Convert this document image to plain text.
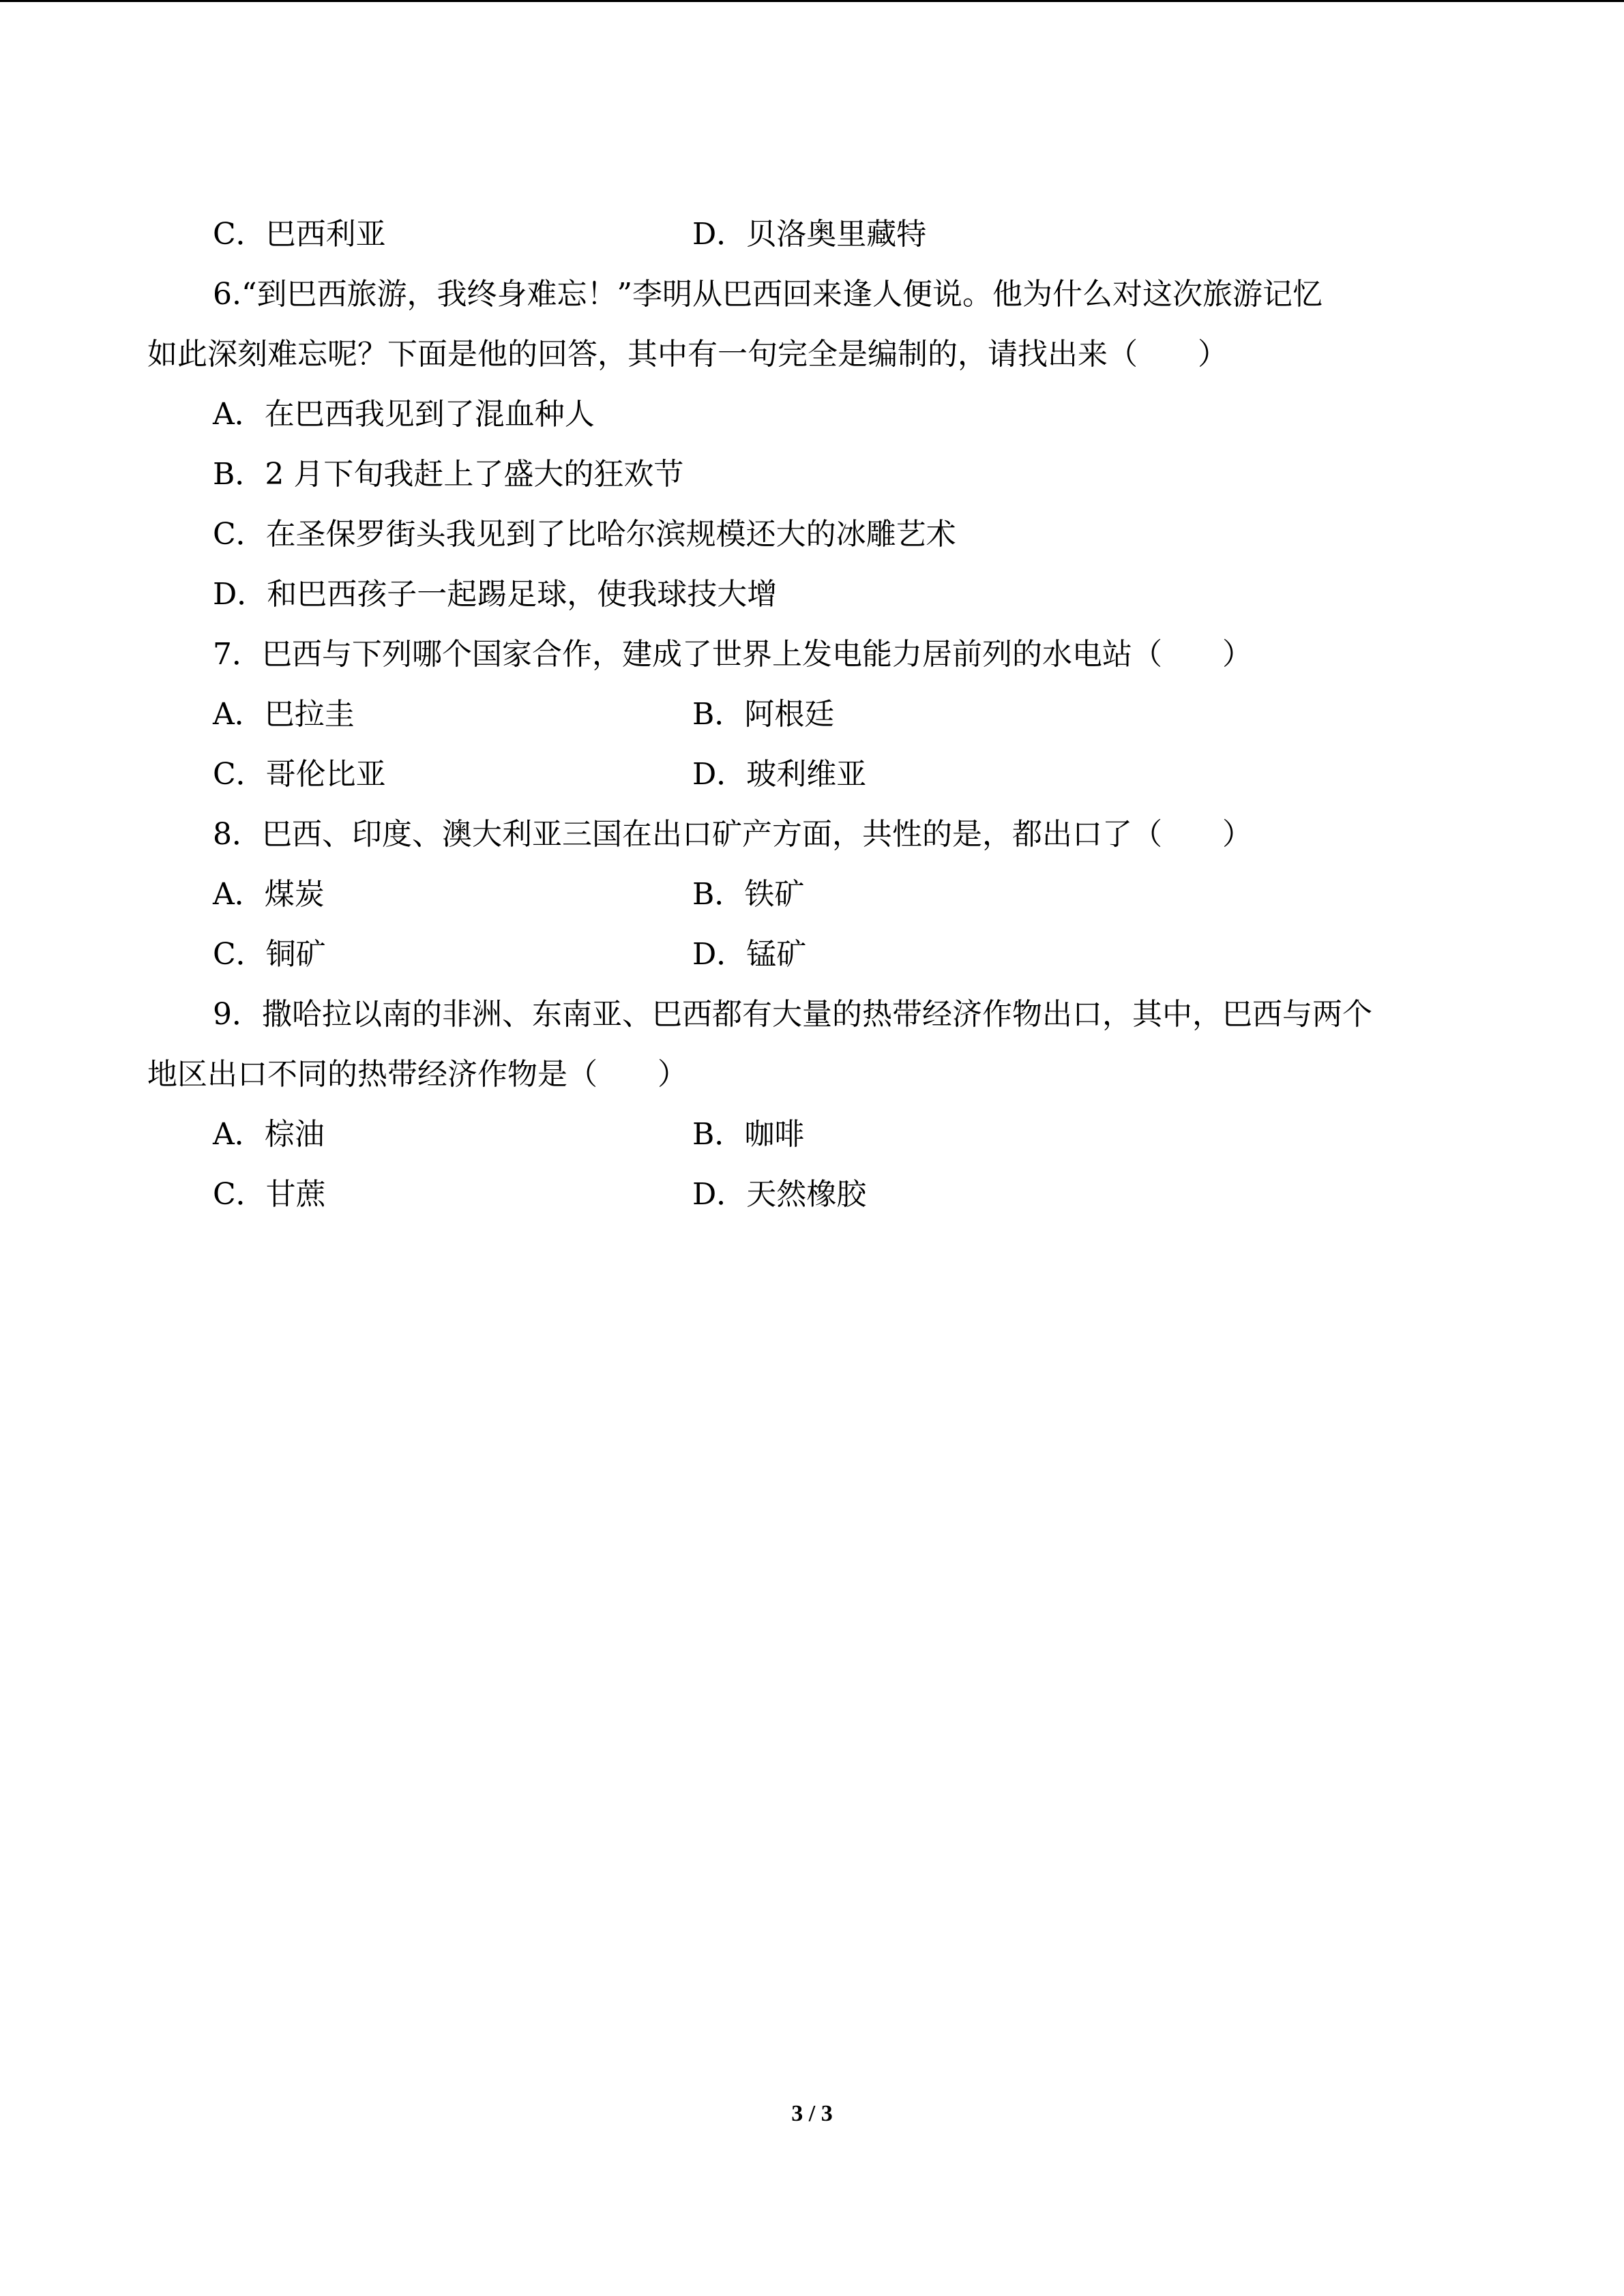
C．巴西利亚	D．贝洛奥里藏特
6.“到巴西旅游，我终身难忘！”李明从巴西回来逢人便说。他为什么对这次旅游记忆
如此深刻难忘呢？下面是他的回答，其中有一句完全是编制的，请找出来（　　）
A．在巴西我见到了混血种人
B．2 月下旬我赶上了盛大的狂欢节
C．在圣保罗街头我见到了比哈尔滨规模还大的冰雕艺术
D．和巴西孩子一起踢足球，使我球技大增
7．巴西与下列哪个国家合作，建成了世界上发电能力居前列的水电站（　　）
A．巴拉圭	B．阿根廷
C．哥伦比亚	D．玻利维亚
8．巴西、印度、澳大利亚三国在出口矿产方面，共性的是，都出口了（　　）
A．煤炭	B．铁矿
C．铜矿	D．锰矿
9．撒哈拉以南的非洲、东南亚、巴西都有大量的热带经济作物出口，其中，巴西与两个
地区出口不同的热带经济作物是（　　）
A．棕油	B．咖啡
C．甘蔗	D．天然橡胶
3 / 3
